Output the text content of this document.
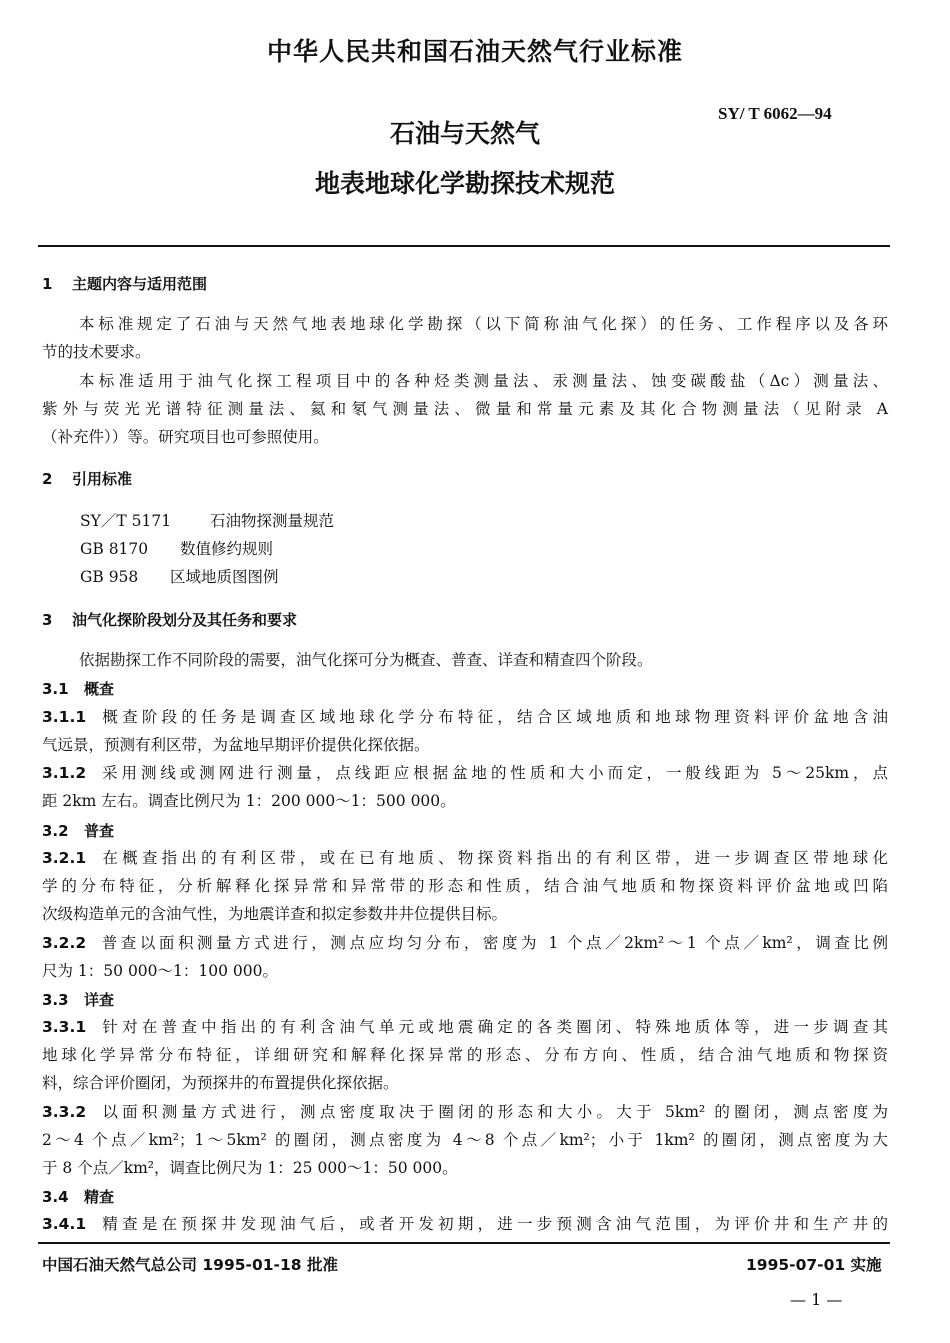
中华人民共和国石油天然气行业标准
SY/ T 6062—94
石油与天然气
地表地球化学勘探技术规范
1 主题内容与适用范围
本标准规定了石油与天然气地表地球化学勘探（以下简称油气化探）的任务、工作程序以及各环
节的技术要求。
本标准适用于油气化探工程项目中的各种烃类测量法、汞测量法、蚀变碳酸盐（Δc）测量法、
紫外与荧光光谱特征测量法、氦和氡气测量法、微量和常量元素及其化合物测量法（见附录 A
（补充件））等。研究项目也可参照使用。
2 引用标准
SY／T 5171	石油物探测量规范
GB 8170 数值修约规则
GB 958 区域地质图图例
3 油气化探阶段划分及其任务和要求
依据勘探工作不同阶段的需要，油气化探可分为概查、普查、详查和精查四个阶段。
3.1 概查
3.1.1 概查阶段的任务是调查区域地球化学分布特征，结合区域地质和地球物理资料评价盆地含油
气远景，预测有利区带，为盆地早期评价提供化探依据。
3.1.2 采用测线或测网进行测量，点线距应根据盆地的性质和大小而定，一般线距为 5～25km，点
距 2km 左右。调查比例尺为 1：200 000～1：500 000。
3.2 普查
3.2.1 在概查指出的有利区带，或在已有地质、物探资料指出的有利区带，进一步调查区带地球化
学的分布特征，分析解释化探异常和异常带的形态和性质，结合油气地质和物探资料评价盆地或凹陷
次级构造单元的含油气性，为地震详查和拟定参数井井位提供目标。
3.2.2 普查以面积测量方式进行，测点应均匀分布，密度为 1 个点／2km²～1 个点／km²，调查比例
尺为 1：50 000～1：100 000。
3.3 详查
3.3.1 针对在普查中指出的有利含油气单元或地震确定的各类圈闭、特殊地质体等，进一步调查其
地球化学异常分布特征，详细研究和解释化探异常的形态、分布方向、性质，结合油气地质和物探资
料，综合评价圈闭，为预探井的布置提供化探依据。
3.3.2 以面积测量方式进行，测点密度取决于圈闭的形态和大小。大于 5km² 的圈闭，测点密度为
2～4 个点／km²；1～5km² 的圈闭，测点密度为 4～8 个点／km²；小于 1km² 的圈闭，测点密度为大
于 8 个点／km²，调查比例尺为 1：25 000～1：50 000。
3.4 精查
3.4.1 精查是在预探井发现油气后，或者开发初期，进一步预测含油气范围，为评价井和生产井的
中国石油天然气总公司 1995-01-18 批准	1995-07-01 实施
— 1 —
